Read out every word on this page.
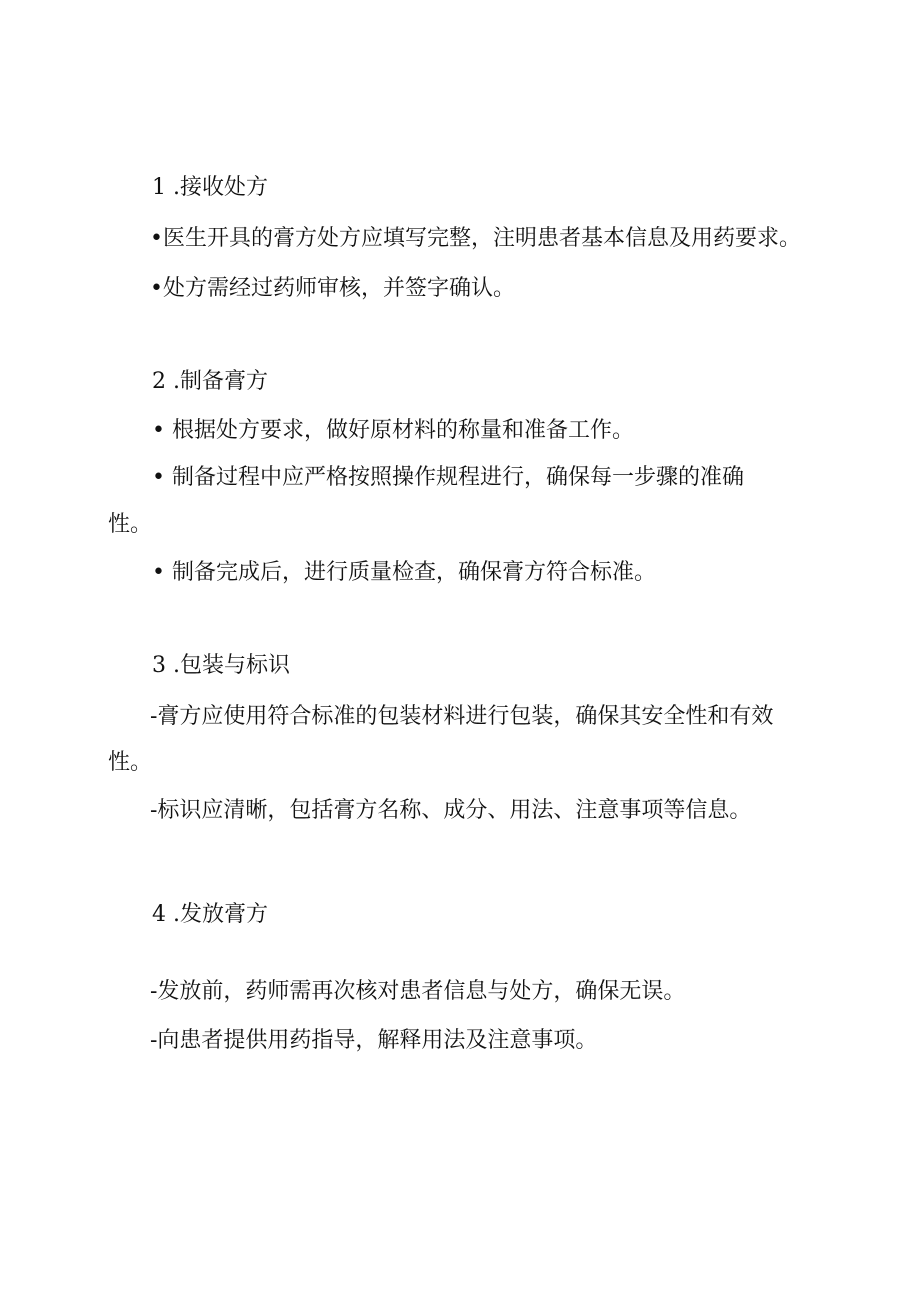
1 .接收处方

•医生开具的膏方处方应填写完整，注明患者基本信息及用药要求。

•处方需经过药师审核，并签字确认。

2 .制备膏方

• 根据处方要求，做好原材料的称量和准备工作。

• 制备过程中应严格按照操作规程进行，确保每一步骤的准确

性。

• 制备完成后，进行质量检查，确保膏方符合标准。

3 .包装与标识

-膏方应使用符合标准的包装材料进行包装，确保其安全性和有效

性。

-标识应清晰，包括膏方名称、成分、用法、注意事项等信息。

4 .发放膏方

-发放前，药师需再次核对患者信息与处方，确保无误。

-向患者提供用药指导，解释用法及注意事项。
